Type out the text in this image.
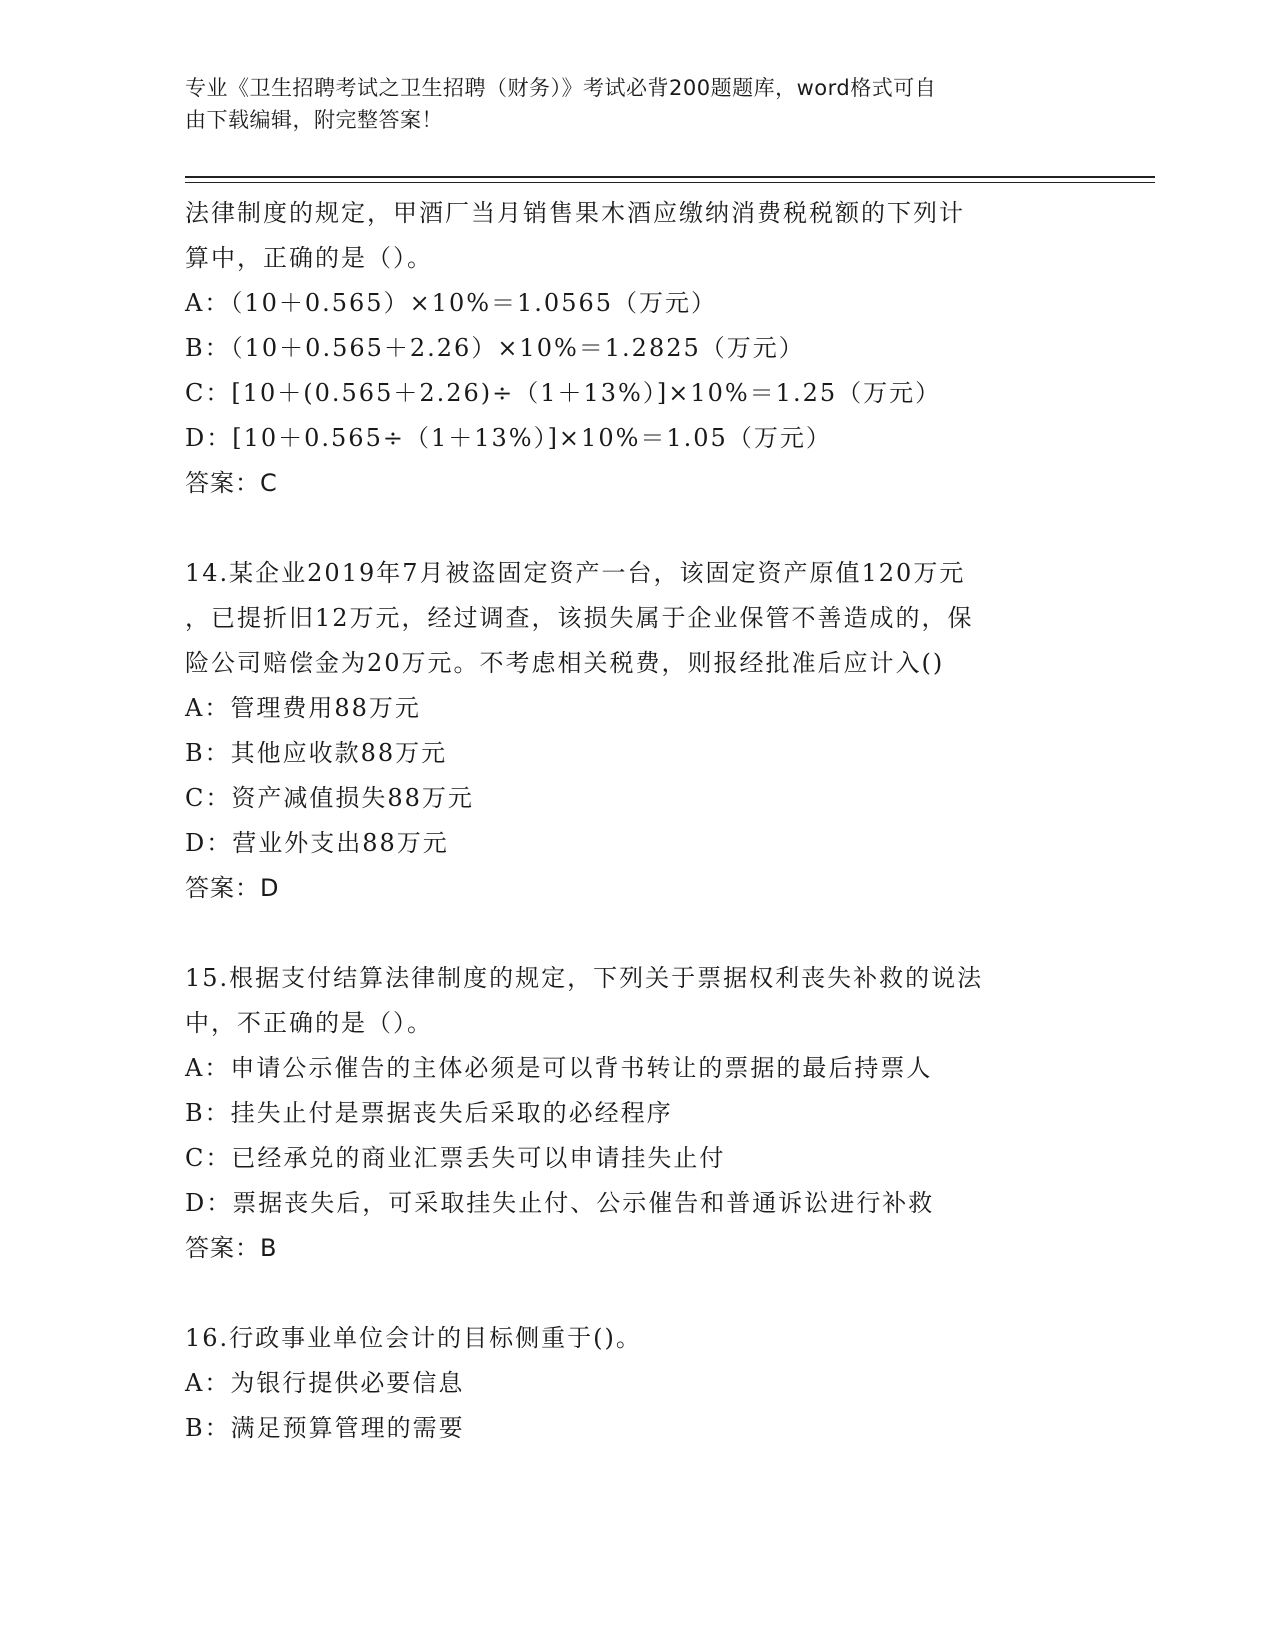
专业《卫生招聘考试之卫生招聘（财务）》考试必背200题题库，word格式可自
由下载编辑，附完整答案！
法律制度的规定，甲酒厂当月销售果木酒应缴纳消费税税额的下列计
算中，正确的是（）。
A：（10＋0.565）×10%＝1.0565（万元）
B：（10＋0.565＋2.26）×10%＝1.2825（万元）
C：[10＋(0.565＋2.26)÷（1＋13%）]×10%＝1.25（万元）
D：[10＋0.565÷（1＋13%）]×10%＝1.05（万元）
答案：C
14.某企业2019年7月被盗固定资产一台，该固定资产原值120万元
，已提折旧12万元，经过调查，该损失属于企业保管不善造成的，保
险公司赔偿金为20万元。不考虑相关税费，则报经批准后应计入()
A：管理费用88万元
B：其他应收款88万元
C：资产减值损失88万元
D：营业外支出88万元
答案：D
15.根据支付结算法律制度的规定，下列关于票据权利丧失补救的说法
中，不正确的是（）。
A：申请公示催告的主体必须是可以背书转让的票据的最后持票人
B：挂失止付是票据丧失后采取的必经程序
C：已经承兑的商业汇票丢失可以申请挂失止付
D：票据丧失后，可采取挂失止付、公示催告和普通诉讼进行补救
答案：B
16.行政事业单位会计的目标侧重于()。
A：为银行提供必要信息
B：满足预算管理的需要
